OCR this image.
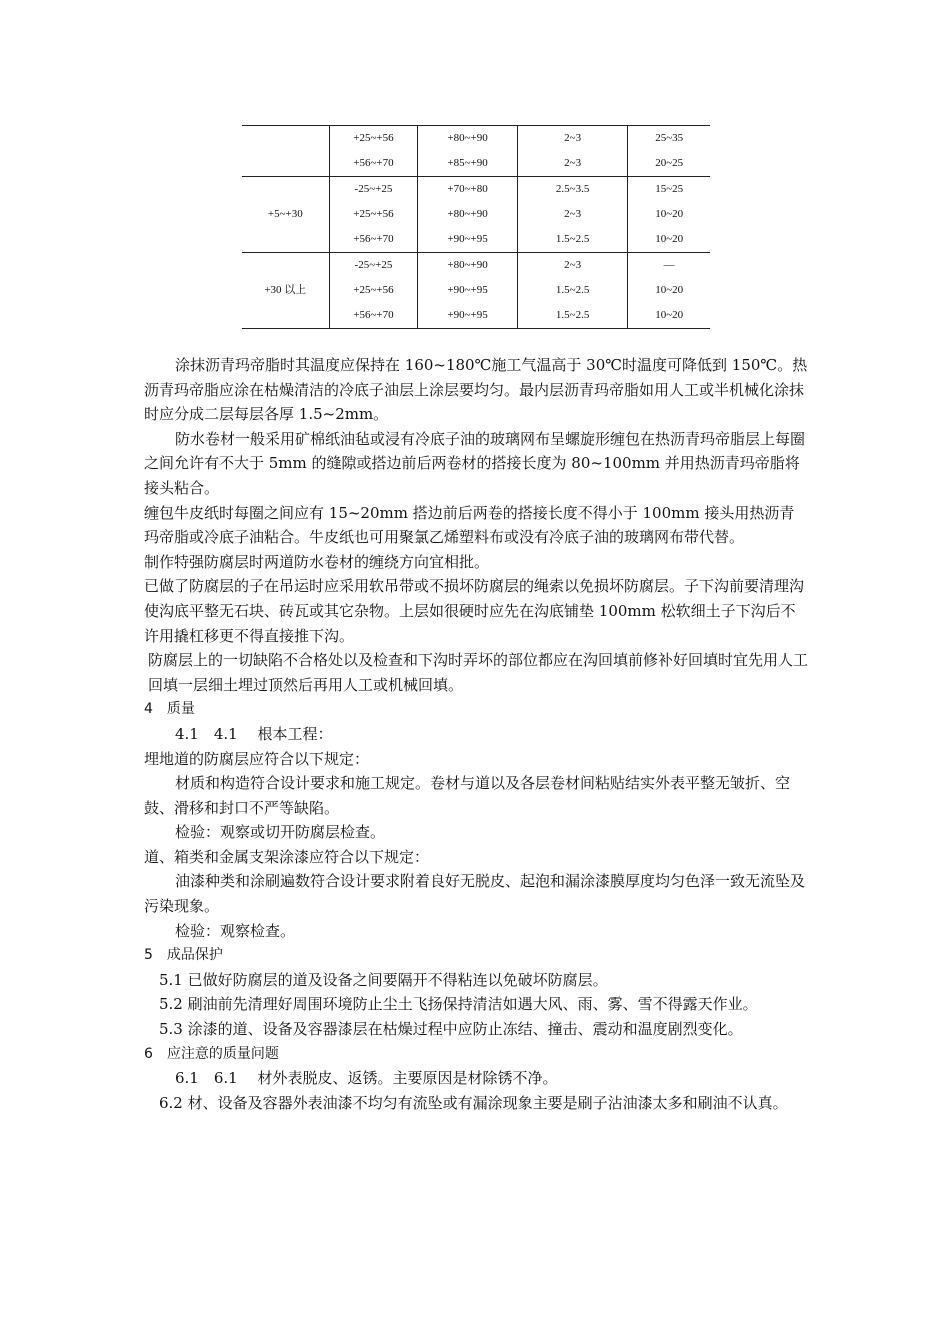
	+25~+56	+80~+90	2~3	25~35
	+56~+70	+85~+90	2~3	20~25
	-25~+25	+70~+80	2.5~3.5	15~25
+5~+30	+25~+56	+80~+90	2~3	10~20
	+56~+70	+90~+95	1.5~2.5	10~20
	-25~+25	+80~+90	2~3	—
+30 以上	+25~+56	+90~+95	1.5~2.5	10~20
	+56~+70	+90~+95	1.5~2.5	10~20

涂抹沥青玛帝脂时其温度应保持在 160~180℃施工气温高于 30℃时温度可降低到 150℃。热沥青玛帝脂应涂在枯燥清洁的冷底子油层上涂层要均匀。最内层沥青玛帝脂如用人工或半机械化涂抹时应分成二层每层各厚 1.5~2mm。

防水卷材一般采用矿棉纸油毡或浸有冷底子油的玻璃网布呈螺旋形缠包在热沥青玛帝脂层上每圈之间允许有不大于 5mm 的缝隙或搭边前后两卷材的搭接长度为 80~100mm 并用热沥青玛帝脂将接头粘合。

缠包牛皮纸时每圈之间应有 15~20mm 搭边前后两卷的搭接长度不得小于 100mm 接头用热沥青玛帝脂或冷底子油粘合。牛皮纸也可用聚氯乙烯塑料布或没有冷底子油的玻璃网布带代替。

制作特强防腐层时两道防水卷材的缠绕方向宜相批。

已做了防腐层的子在吊运时应采用软吊带或不损坏防腐层的绳索以免损坏防腐层。子下沟前要清理沟使沟底平整无石块、砖瓦或其它杂物。上层如很硬时应先在沟底铺垫 100mm 松软细土子下沟后不许用撬杠移更不得直接推下沟。

防腐层上的一切缺陷不合格处以及检查和下沟时弄坏的部位都应在沟回填前修补好回填时宜先用人工回填一层细土埋过顶然后再用人工或机械回填。

4　质量

4.1　4.1　 根本工程：

埋地道的防腐层应符合以下规定：

材质和构造符合设计要求和施工规定。卷材与道以及各层卷材间粘贴结实外表平整无皱折、空鼓、滑移和封口不严等缺陷。

检验：观察或切开防腐层检查。

道、箱类和金属支架涂漆应符合以下规定：

油漆种类和涂刷遍数符合设计要求附着良好无脱皮、起泡和漏涂漆膜厚度均匀色泽一致无流坠及污染现象。

检验：观察检查。

5　成品保护

5.1 已做好防腐层的道及设备之间要隔开不得粘连以免破坏防腐层。

5.2 刷油前先清理好周围环境防止尘土飞扬保持清洁如遇大风、雨、雾、雪不得露天作业。

5.3 涂漆的道、设备及容器漆层在枯燥过程中应防止冻结、撞击、震动和温度剧烈变化。

6　应注意的质量问题

6.1　6.1　 材外表脱皮、返锈。主要原因是材除锈不净。

6.2 材、设备及容器外表油漆不均匀有流坠或有漏涂现象主要是刷子沾油漆太多和刷油不认真。
